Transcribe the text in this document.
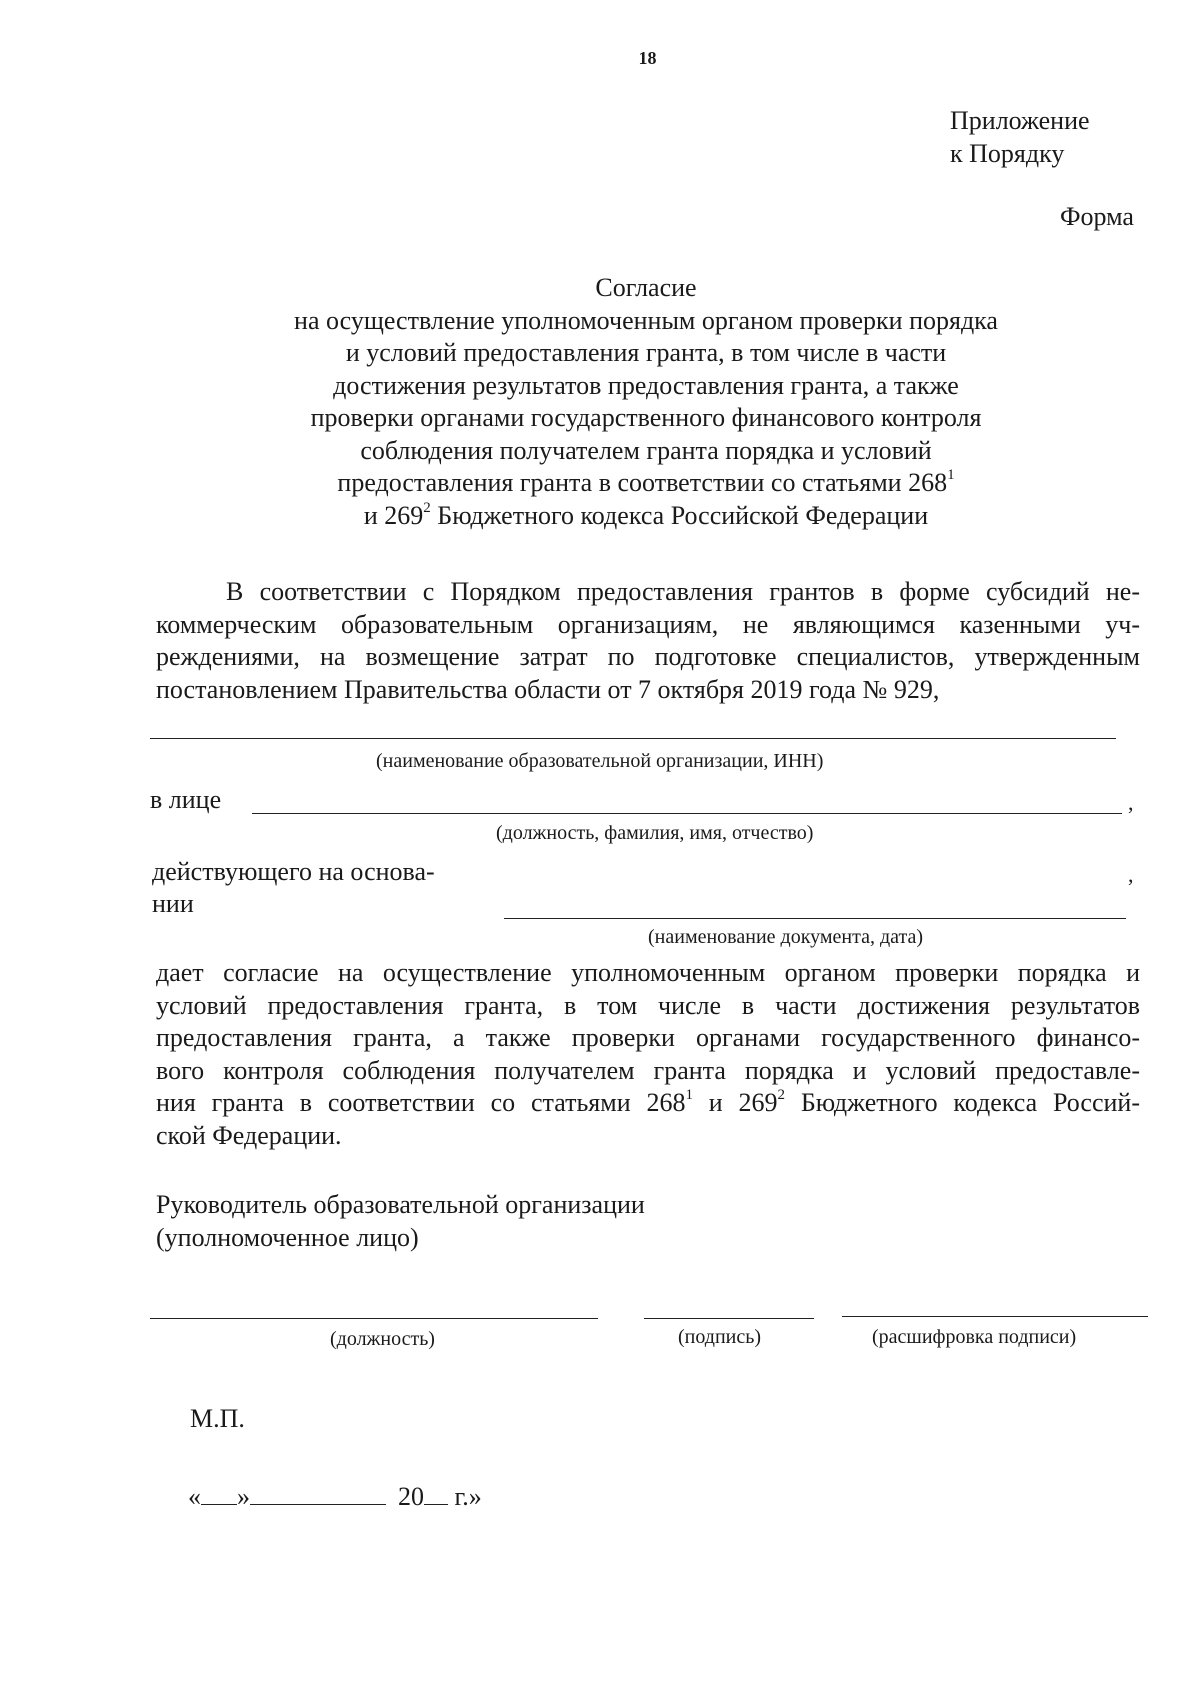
18
Приложение
к Порядку
Форма
Согласие
на осуществление уполномоченным органом проверки порядка
и условий предоставления гранта, в том числе в части
достижения результатов предоставления гранта, а также
проверки органами государственного финансового контроля
соблюдения получателем гранта порядка и условий
предоставления гранта в соответствии со статьями $268^1$
и $269^2$ Бюджетного кодекса Российской Федерации
В соответствии с Порядком предоставления грантов в форме субсидий не-
коммерческим образовательным организациям, не являющимся казенными уч-
реждениями, на возмещение затрат по подготовке специалистов, утвержденным
постановлением Правительства области от 7 октября 2019 года № 929,
(наименование образовательной организации, ИНН)
в лице	,
(должность, фамилия, имя, отчество)
действующего на основа-
нии
,
(наименование документа, дата)
дает согласие на осуществление уполномоченным органом проверки порядка и
условий предоставления гранта, в том числе в части достижения результатов
предоставления гранта, а также проверки органами государственного финансо-
вого контроля соблюдения получателем гранта порядка и условий предоставле-
ния гранта в соответствии со статьями $268^1$ и $269^2$ Бюджетного кодекса Россий-
ской Федерации.
Руководитель образовательной организации
(уполномоченное лицо)
(должность)	(подпись)	(расшифровка подписи)
М.П.
« »	20 г.»
